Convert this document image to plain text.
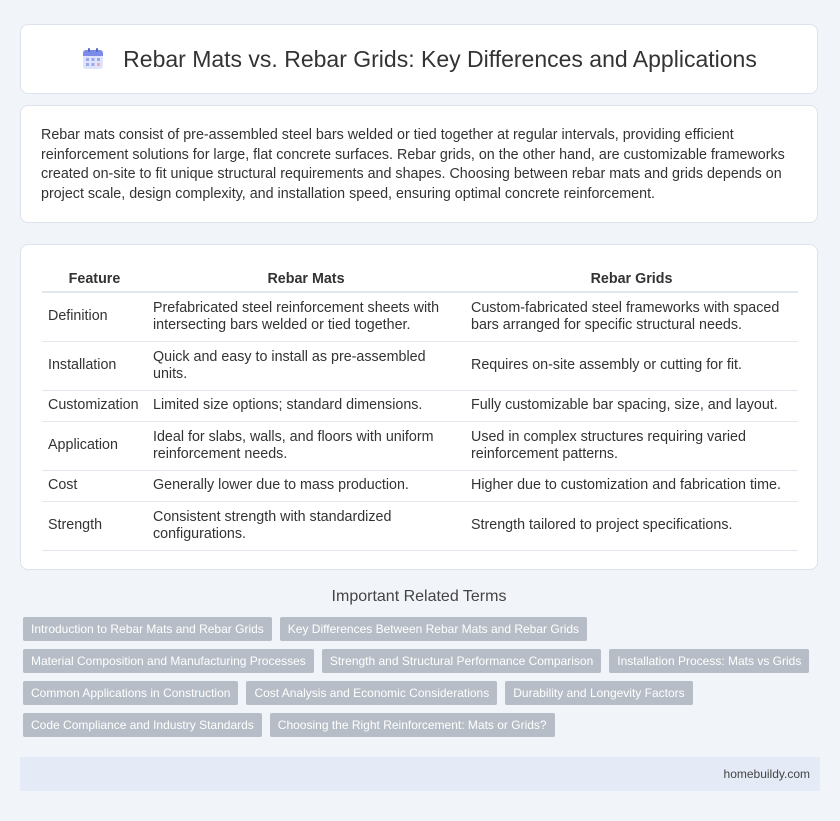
Rebar Mats vs. Rebar Grids: Key Differences and Applications

Rebar mats consist of pre-assembled steel bars welded or tied together at regular intervals, providing efficient reinforcement solutions for large, flat concrete surfaces. Rebar grids, on the other hand, are customizable frameworks created on-site to fit unique structural requirements and shapes. Choosing between rebar mats and grids depends on project scale, design complexity, and installation speed, ensuring optimal concrete reinforcement.

Feature	Rebar Mats	Rebar Grids
Definition	Prefabricated steel reinforcement sheets with intersecting bars welded or tied together.	Custom-fabricated steel frameworks with spaced bars arranged for specific structural needs.
Installation	Quick and easy to install as pre-assembled units.	Requires on-site assembly or cutting for fit.
Customization	Limited size options; standard dimensions.	Fully customizable bar spacing, size, and layout.
Application	Ideal for slabs, walls, and floors with uniform reinforcement needs.	Used in complex structures requiring varied reinforcement patterns.
Cost	Generally lower due to mass production.	Higher due to customization and fabrication time.
Strength	Consistent strength with standardized configurations.	Strength tailored to project specifications.
Important Related Terms
Introduction to Rebar Mats and Rebar Grids	Key Differences Between Rebar Mats and Rebar Grids
Material Composition and Manufacturing Processes	Strength and Structural Performance Comparison	Installation Process: Mats vs Grids
Common Applications in Construction	Cost Analysis and Economic Considerations	Durability and Longevity Factors
Code Compliance and Industry Standards	Choosing the Right Reinforcement: Mats or Grids?
homebuildy.com
